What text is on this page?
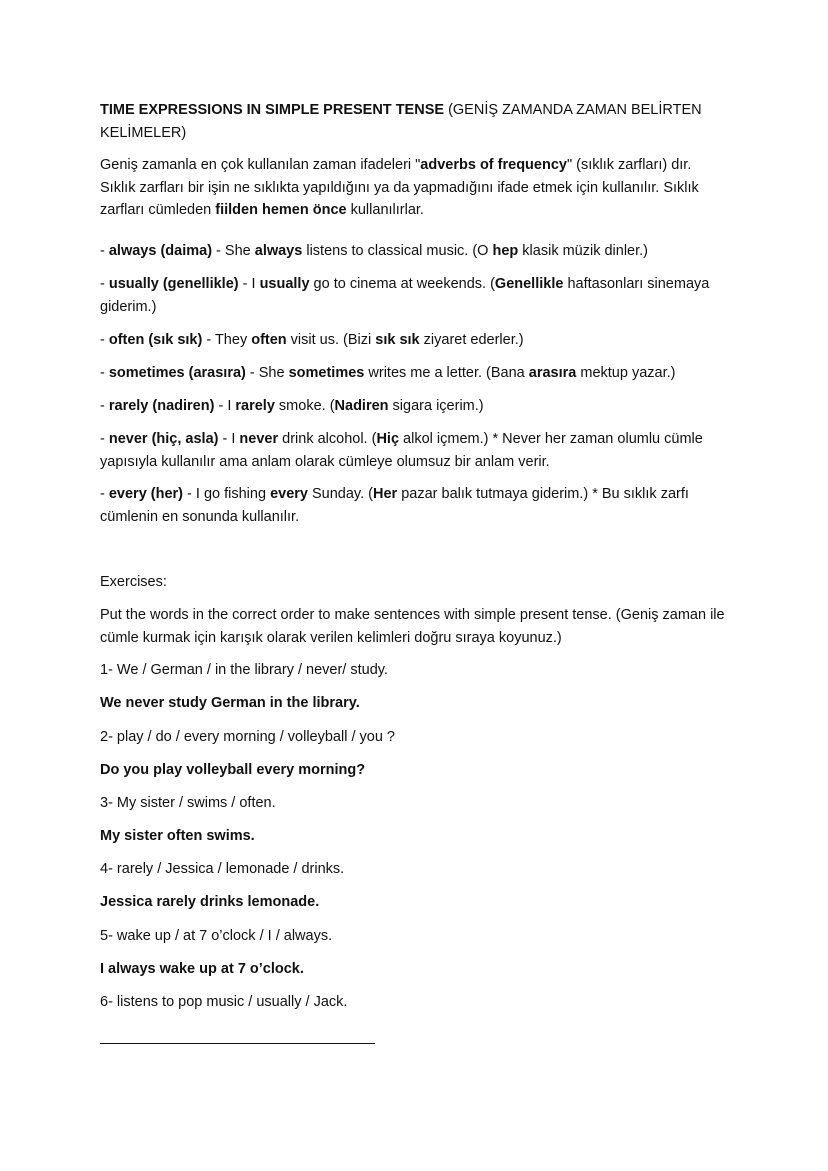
TIME EXPRESSIONS IN SIMPLE PRESENT TENSE (GENİŞ ZAMANDA ZAMAN BELİRTEN KELİMELER)
Geniş zamanla en çok kullanılan zaman ifadeleri "adverbs of frequency" (sıklık zarfları) dır. Sıklık zarfları bir işin ne sıklıkta yapıldığını ya da yapmadığını ifade etmek için kullanılır. Sıklık zarfları cümleden fiilden hemen önce kullanılırlar.
- always (daima) - She always listens to classical music. (O hep klasik müzik dinler.)
- usually (genellikle) - I usually go to cinema at weekends. (Genellikle haftasonları sinemaya giderim.)
- often (sık sık) - They often visit us. (Bizi sık sık ziyaret ederler.)
- sometimes (arasıra) - She sometimes writes me a letter. (Bana arasıra mektup yazar.)
- rarely (nadiren) - I rarely smoke. (Nadiren sigara içerim.)
- never (hiç, asla) - I never drink alcohol. (Hiç alkol içmem.) * Never her zaman olumlu cümle yapısıyla kullanılır ama anlam olarak cümleye olumsuz bir anlam verir.
- every (her) - I go fishing every Sunday. (Her pazar balık tutmaya giderim.) * Bu sıklık zarfı cümlenin en sonunda kullanılır.
Exercises:
Put the words in the correct order to make sentences with simple present tense. (Geniş zaman ile cümle kurmak için karışık olarak verilen kelimleri doğru sıraya koyunuz.)
1- We / German / in the library / never/ study.
We never study German in the library.
2- play / do / every morning / volleyball / you ?
Do you play volleyball every morning?
3- My sister / swims / often.
My sister often swims.
4- rarely / Jessica / lemonade / drinks.
Jessica rarely drinks lemonade.
5- wake up / at 7 o’clock / I / always.
I always wake up at 7 o’clock.
6- listens to pop music / usually / Jack.
